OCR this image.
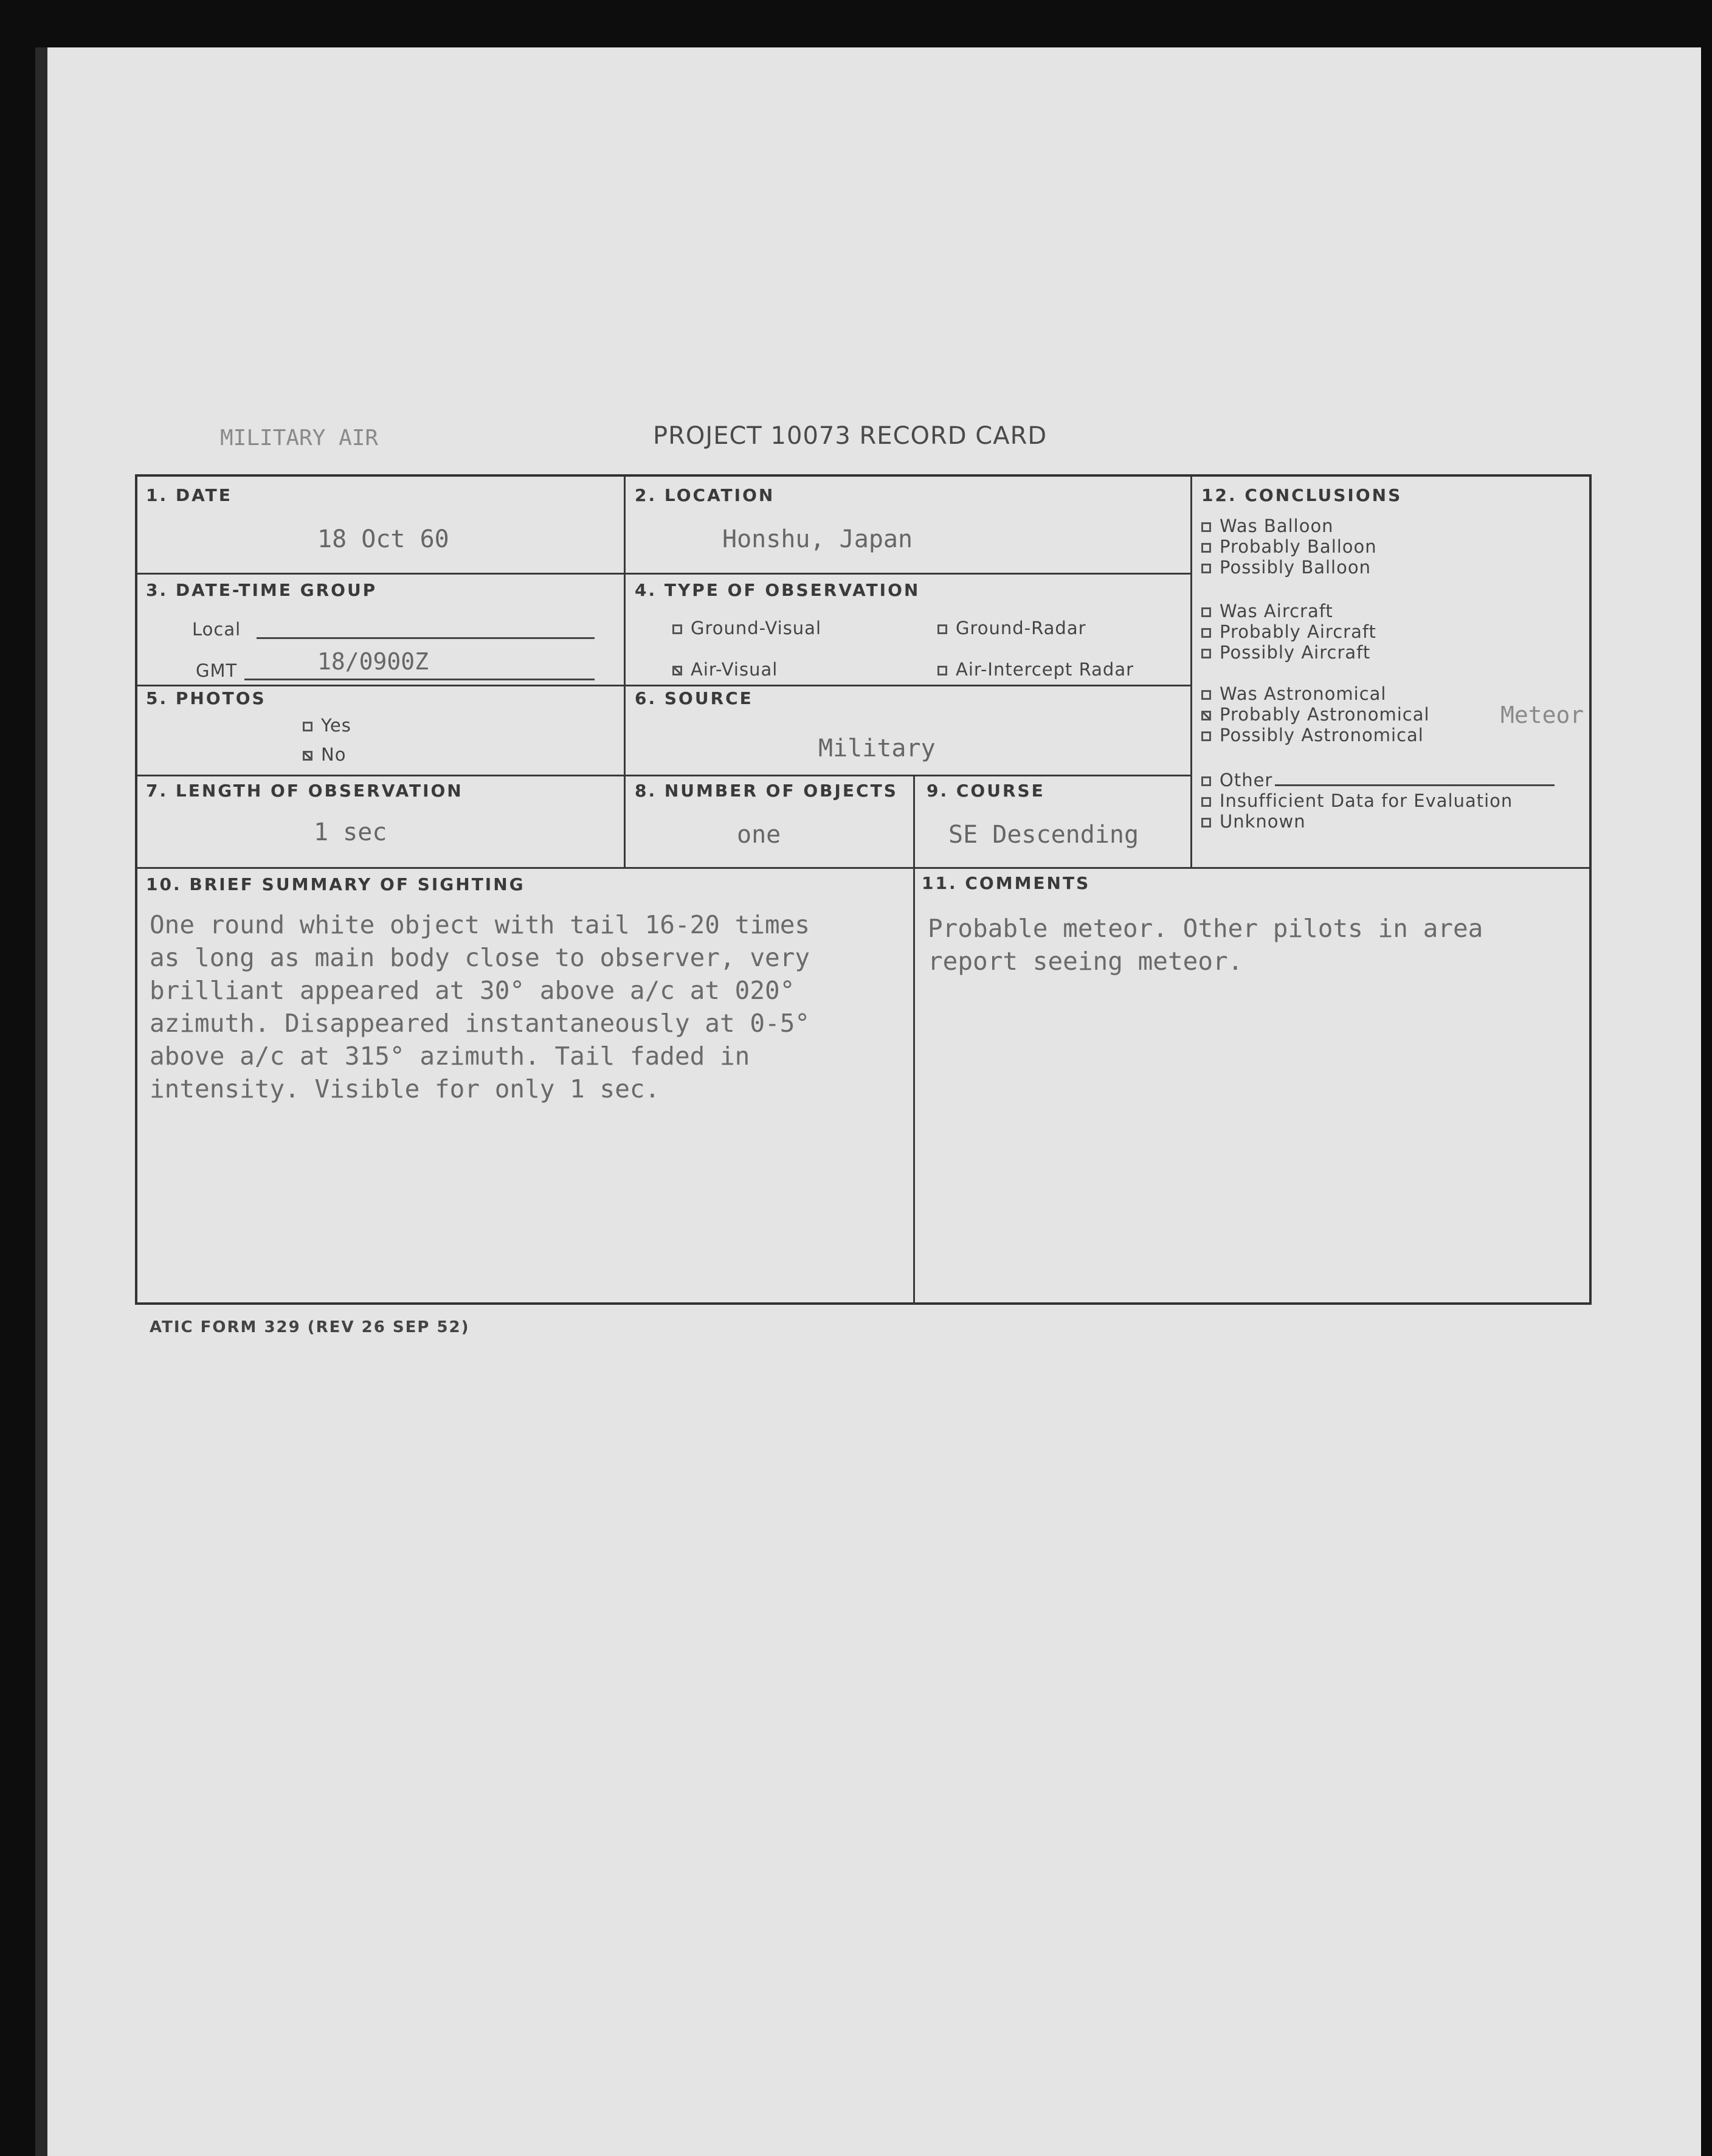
MILITARY AIR	PROJECT 10073 RECORD CARD
1. DATE
18 Oct 60
2. LOCATION
Honshu, Japan
3. DATE-TIME GROUP
Local
GMT	18/0900Z
4. TYPE OF OBSERVATION
Ground-Visual	Ground-Radar
Air-Visual	Air-Intercept Radar
5. PHOTOS
Yes
No
6. SOURCE
Military
7. LENGTH OF OBSERVATION
1 sec
8. NUMBER OF OBJECTS
one
9. COURSE
SE Descending
12. CONCLUSIONS
Was Balloon
Probably Balloon
Possibly Balloon
Was Aircraft
Probably Aircraft
Possibly Aircraft
Was Astronomical
Probably Astronomical
Possibly Astronomical
Other
Insufficient Data for Evaluation
Unknown
Meteor
10. BRIEF SUMMARY OF SIGHTING
One round white object with tail 16-20 times
as long as main body close to observer, very
brilliant appeared at 30° above a/c at 020°
azimuth. Disappeared instantaneously at 0-5°
above a/c at 315° azimuth. Tail faded in
intensity. Visible for only 1 sec.
11. COMMENTS
Probable meteor. Other pilots in area
report seeing meteor.
ATIC FORM 329 (REV 26 SEP 52)
